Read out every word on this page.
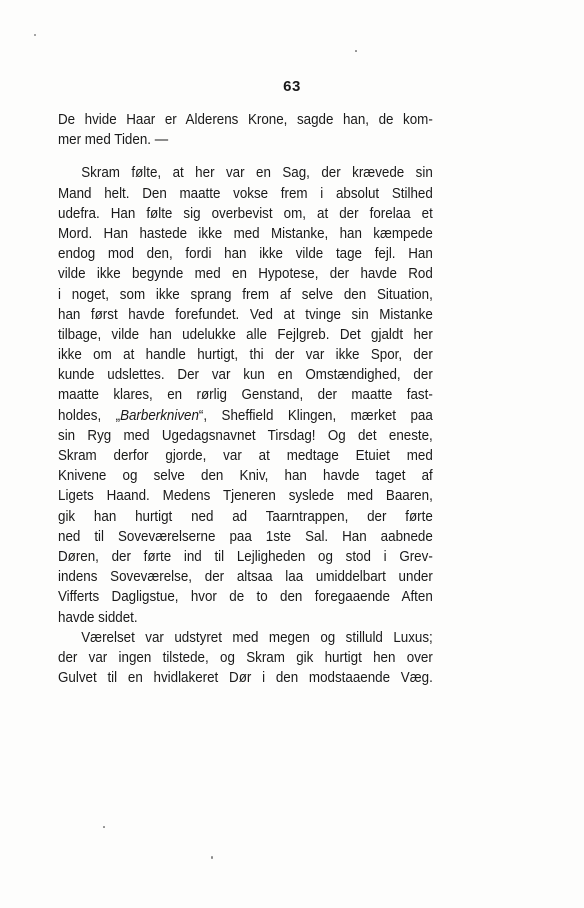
63
De hvide Haar er Alderens Krone, sagde han, de kom-
mer med Tiden. —
Skram følte, at her var en Sag, der krævede sin
Mand helt. Den maatte vokse frem i absolut Stilhed
udefra. Han følte sig overbevist om, at der forelaa et
Mord. Han hastede ikke med Mistanke, han kæmpede
endog mod den, fordi han ikke vilde tage fejl. Han
vilde ikke begynde med en Hypotese, der havde Rod
i noget, som ikke sprang frem af selve den Situation,
han først havde forefundet. Ved at tvinge sin Mistanke
tilbage, vilde han udelukke alle Fejlgreb. Det gjaldt her
ikke om at handle hurtigt, thi der var ikke Spor, der
kunde udslettes. Der var kun en Omstændighed, der
maatte klares, en rørlig Genstand, der maatte fast-
holdes, „Barberkniven“, Sheffield Klingen, mærket paa
sin Ryg med Ugedagsnavnet Tirsdag! Og det eneste,
Skram derfor gjorde, var at medtage Etuiet med
Knivene og selve den Kniv, han havde taget af
Ligets Haand. Medens Tjeneren syslede med Baaren,
gik han hurtigt ned ad Taarntrappen, der førte
ned til Soveværelserne paa 1ste Sal. Han aabnede
Døren, der førte ind til Lejligheden og stod i Grev-
indens Soveværelse, der altsaa laa umiddelbart under
Vifferts Dagligstue, hvor de to den foregaaende Aften
havde siddet.
Værelset var udstyret med megen og stilluld Luxus;
der var ingen tilstede, og Skram gik hurtigt hen over
Gulvet til en hvidlakeret Dør i den modstaaende Væg.
